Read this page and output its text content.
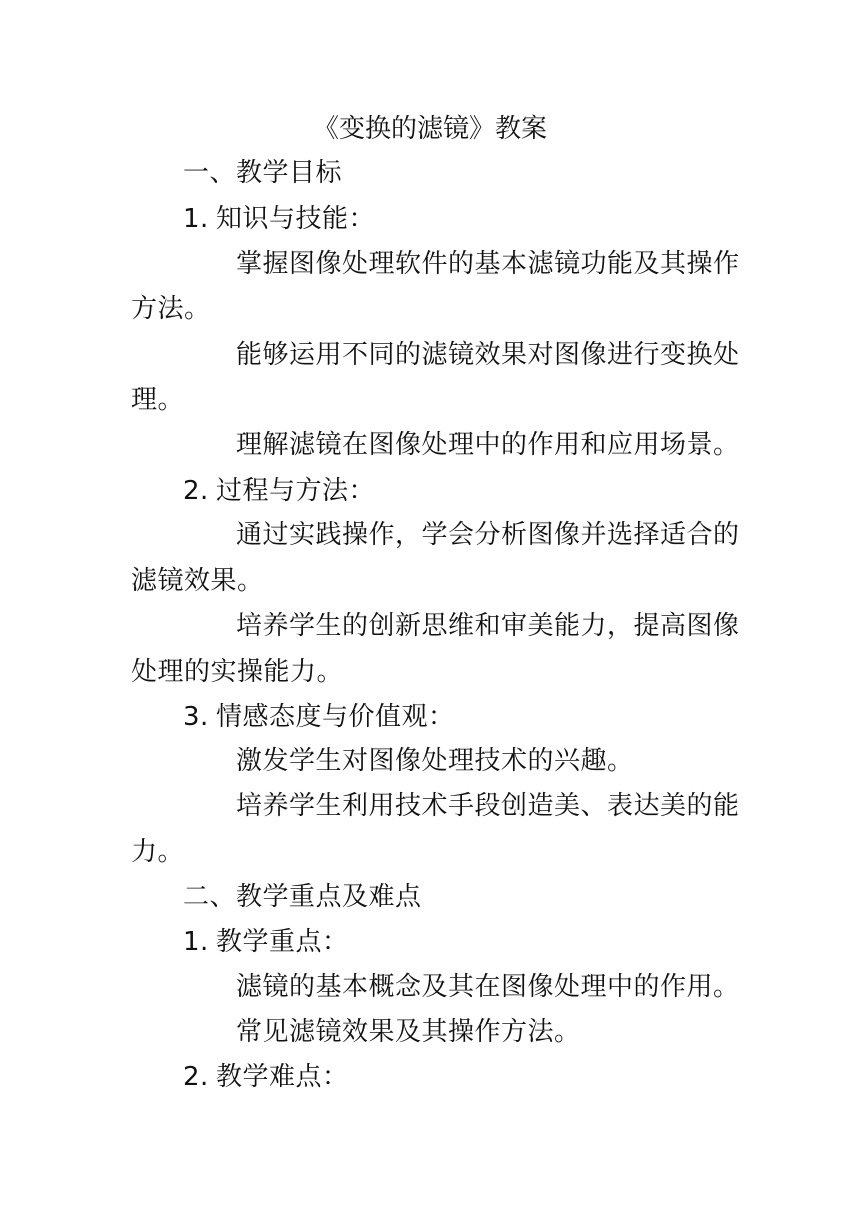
《变换的滤镜》教案
一、教学目标
1. 知识与技能：
掌握图像处理软件的基本滤镜功能及其操作
方法。
能够运用不同的滤镜效果对图像进行变换处
理。
理解滤镜在图像处理中的作用和应用场景。
2. 过程与方法：
通过实践操作，学会分析图像并选择适合的
滤镜效果。
培养学生的创新思维和审美能力，提高图像
处理的实操能力。
3. 情感态度与价值观：
激发学生对图像处理技术的兴趣。
培养学生利用技术手段创造美、表达美的能
力。
二、教学重点及难点
1. 教学重点：
滤镜的基本概念及其在图像处理中的作用。
常见滤镜效果及其操作方法。
2. 教学难点：
